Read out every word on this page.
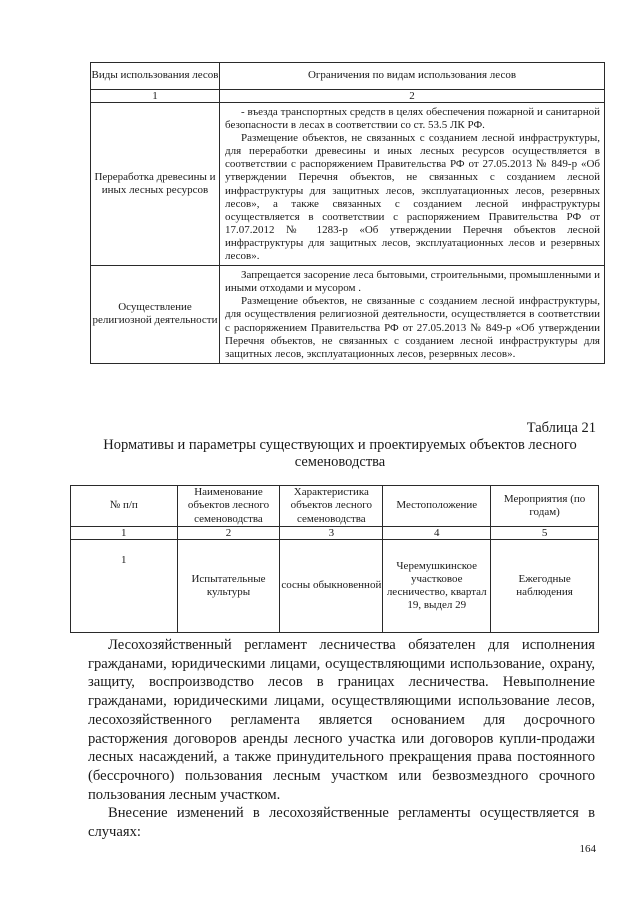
Виды использования лесов	Ограничения по видам использования лесов
1	2
Переработка древесины и иных лесных ресурсов	- въезда транспортных средств в целях обеспечения пожарной и санитарной безопасности в лесах в соответствии со ст. 53.5 ЛК РФ.

Размещение объектов, не связанных с созданием лесной инфраструктуры, для переработки древесины и иных лесных ресурсов осуществляется в соответствии с распоряжением Правительства РФ от 27.05.2013 № 849-р «Об утверждении Перечня объектов, не связанных с созданием лесной инфраструктуры для защитных лесов, эксплуатационных лесов, резервных лесов», а также связанных с созданием лесной инфраструктуры осуществляется в соответствии с распоряжением Правительства РФ от 17.07.2012 № 1283-р «Об утверждении Перечня объектов лесной инфраструктуры для защитных лесов, эксплуатационных лесов и резервных лесов».

Осуществление религиозной деятельности	Запрещается засорение леса бытовыми, строительными, промышленными и иными отходами и мусором .

Размещение объектов, не связанные с созданием лесной инфраструктуры, для осуществления религиозной деятельности, осуществляется в соответствии с распоряжением Правительства РФ от 27.05.2013 № 849-р «Об утверждении Перечня объектов, не связанных с созданием лесной инфраструктуры для защитных лесов, эксплуатационных лесов, резервных лесов».

Таблица 21
Нормативы и параметры существующих и проектируемых объектов лесного семеноводства
№ п/п	Наименование объектов лесного семеноводства	Характеристика объектов лесного семеноводства	Местоположение	Мероприятия (по годам)
1	2	3	4	5
1	Испытательные культуры	сосны обыкновенной	Черемушкинское участковое лесничество, квартал 19, выдел 29	Ежегодные наблюдения

Лесохозяйственный регламент лесничества обязателен для исполнения гражданами, юридическими лицами, осуществляющими использование, охрану, защиту, воспроизводство лесов в границах лесничества. Невыполнение гражданами, юридическими лицами, осуществляющими использование лесов, лесохозяйственного регламента является основанием для досрочного расторжения договоров аренды лесного участка или договоров купли-продажи лесных насаждений, а также принудительного прекращения права постоянного (бессрочного) пользования лесным участком или безвозмездного срочного пользования лесным участком.

Внесение изменений в лесохозяйственные регламенты осуществляется в случаях:

164
